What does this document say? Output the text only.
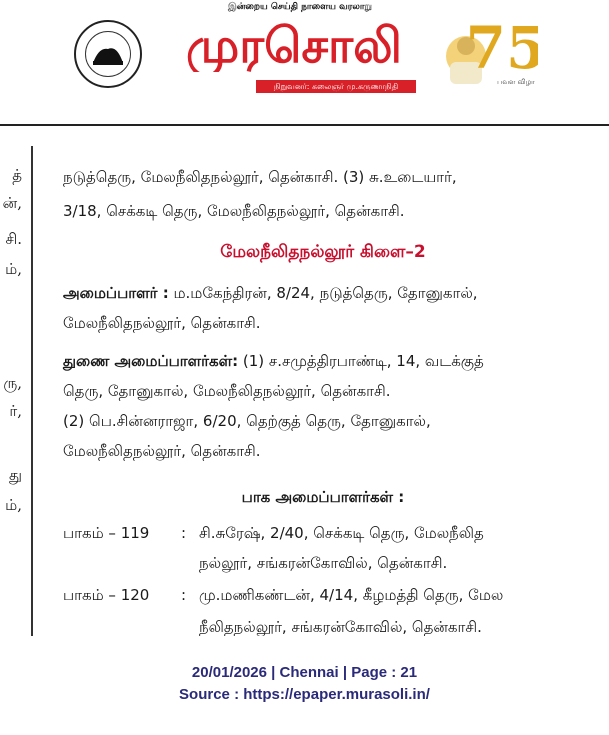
இன்றைய செய்தி நாளைய வரலாறு
முரசொலி
நிறுவனர்: கலைஞர் மு.கருணாநிதி
75
பவள விழா
த்
ன்,
சி.
ம்,
ரு,
ர்,
து
ம்,
நடுத்தெரு, மேலநீலிதநல்லூர், தென்காசி. (3) சு.உடையார்,
3/18, செக்கடி தெரு, மேலநீலிதநல்லூர், தென்காசி.
மேலநீலிதநல்லூர் கிளை–2
அமைப்பாளர் : ம.மகேந்திரன், 8/24, நடுத்தெரு, தோனுகால்,
மேலநீலிதநல்லூர், தென்காசி.
துணை அமைப்பாளர்கள்: (1) ச.சமுத்திரபாண்டி, 14, வடக்குத்
தெரு, தோனுகால், மேலநீலிதநல்லூர், தென்காசி.
(2) பெ.சின்னராஜா, 6/20, தெற்குத் தெரு, தோனுகால்,
மேலநீலிதநல்லூர், தென்காசி.
பாக அமைப்பாளர்கள் :
பாகம் – 119 : சி.சுரேஷ், 2/40, செக்கடி தெரு, மேலநீலித
நல்லூர், சங்கரன்கோவில், தென்காசி.
பாகம் – 120 : மு.மணிகண்டன், 4/14, கீழமத்தி தெரு, மேல
நீலிதநல்லூர், சங்கரன்கோவில், தென்காசி.
20/01/2026 | Chennai | Page : 21
Source : https://epaper.murasoli.in/
